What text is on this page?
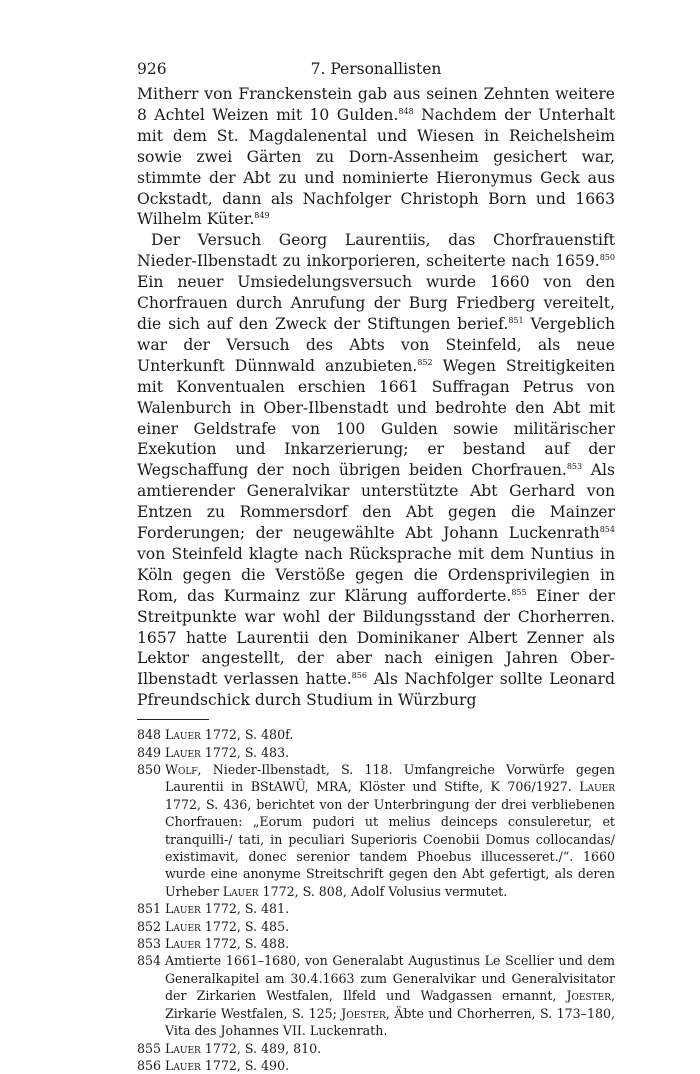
926	7. Personallisten

Mitherr von Franckenstein gab aus seinen Zehnten weitere 8 Achtel Weizen mit 10 Gulden.$^{848}$ Nachdem der Unterhalt mit dem St. Magdalenental und Wiesen in Reichelsheim sowie zwei Gärten zu Dorn-Assenheim gesichert war, stimmte der Abt zu und nominierte Hieronymus Geck aus Ockstadt, dann als Nachfolger Christoph Born und 1663 Wilhelm Küter.$^{849}$

Der Versuch Georg Laurentiis, das Chorfrauenstift Nieder-Ilbenstadt zu inkorporieren, scheiterte nach 1659.$^{850}$ Ein neuer Umsiedelungsversuch wurde 1660 von den Chorfrauen durch Anrufung der Burg Friedberg vereitelt, die sich auf den Zweck der Stiftungen berief.$^{851}$ Vergeblich war der Versuch des Abts von Steinfeld, als neue Unterkunft Dünnwald anzubieten.$^{852}$ Wegen Streitigkeiten mit Konventualen erschien 1661 Suffragan Petrus von Walenburch in Ober-Ilbenstadt und bedrohte den Abt mit einer Geldstrafe von 100 Gulden sowie militärischer Exekution und Inkarzerierung; er bestand auf der Wegschaffung der noch übrigen beiden Chorfrauen.$^{853}$ Als amtierender Generalvikar unterstützte Abt Gerhard von Entzen zu Rommersdorf den Abt gegen die Mainzer Forderungen; der neugewählte Abt Johann Luckenrath$^{854}$ von Steinfeld klagte nach Rücksprache mit dem Nuntius in Köln gegen die Verstöße gegen die Ordensprivilegien in Rom, das Kurmainz zur Klärung aufforderte.$^{855}$ Einer der Streitpunkte war wohl der Bildungsstand der Chorherren. 1657 hatte Laurentii den Dominikaner Albert Zenner als Lektor angestellt, der aber nach einigen Jahren Ober-Ilbenstadt verlassen hatte.$^{856}$ Als Nachfolger sollte Leonard Pfreundschick durch Studium in Würzburg

848 Lauer 1772, S. 480f.
849 Lauer 1772, S. 483.
850 Wolf, Nieder-Ilbenstadt, S. 118. Umfangreiche Vorwürfe gegen Laurentii in BStAWÜ, MRA, Klöster und Stifte, K 706/1927. Lauer 1772, S. 436, berichtet von der Unterbringung der drei verbliebenen Chorfrauen: „Eorum pudori ut melius deinceps consuleretur, et tranquilli-/ tati, in peculiari Superioris Coenobii Domus collocandas/ existimavit, donec serenior tandem Phoebus illucesseret./“. 1660 wurde eine anonyme Streitschrift gegen den Abt gefertigt, als deren Urheber Lauer 1772, S. 808, Adolf Volusius vermutet.
851 Lauer 1772, S. 481.
852 Lauer 1772, S. 485.
853 Lauer 1772, S. 488.
854 Amtierte 1661–1680, von Generalabt Augustinus Le Scellier und dem Generalkapitel am 30.4.1663 zum Generalvikar und Generalvisitator der Zirkarien Westfalen, Ilfeld und Wadgassen ernannt, Joester, Zirkarie Westfalen, S. 125; Joester, Äbte und Chorherren, S. 173–180, Vita des Johannes VII. Luckenrath.
855 Lauer 1772, S. 489, 810.
856 Lauer 1772, S. 490.
